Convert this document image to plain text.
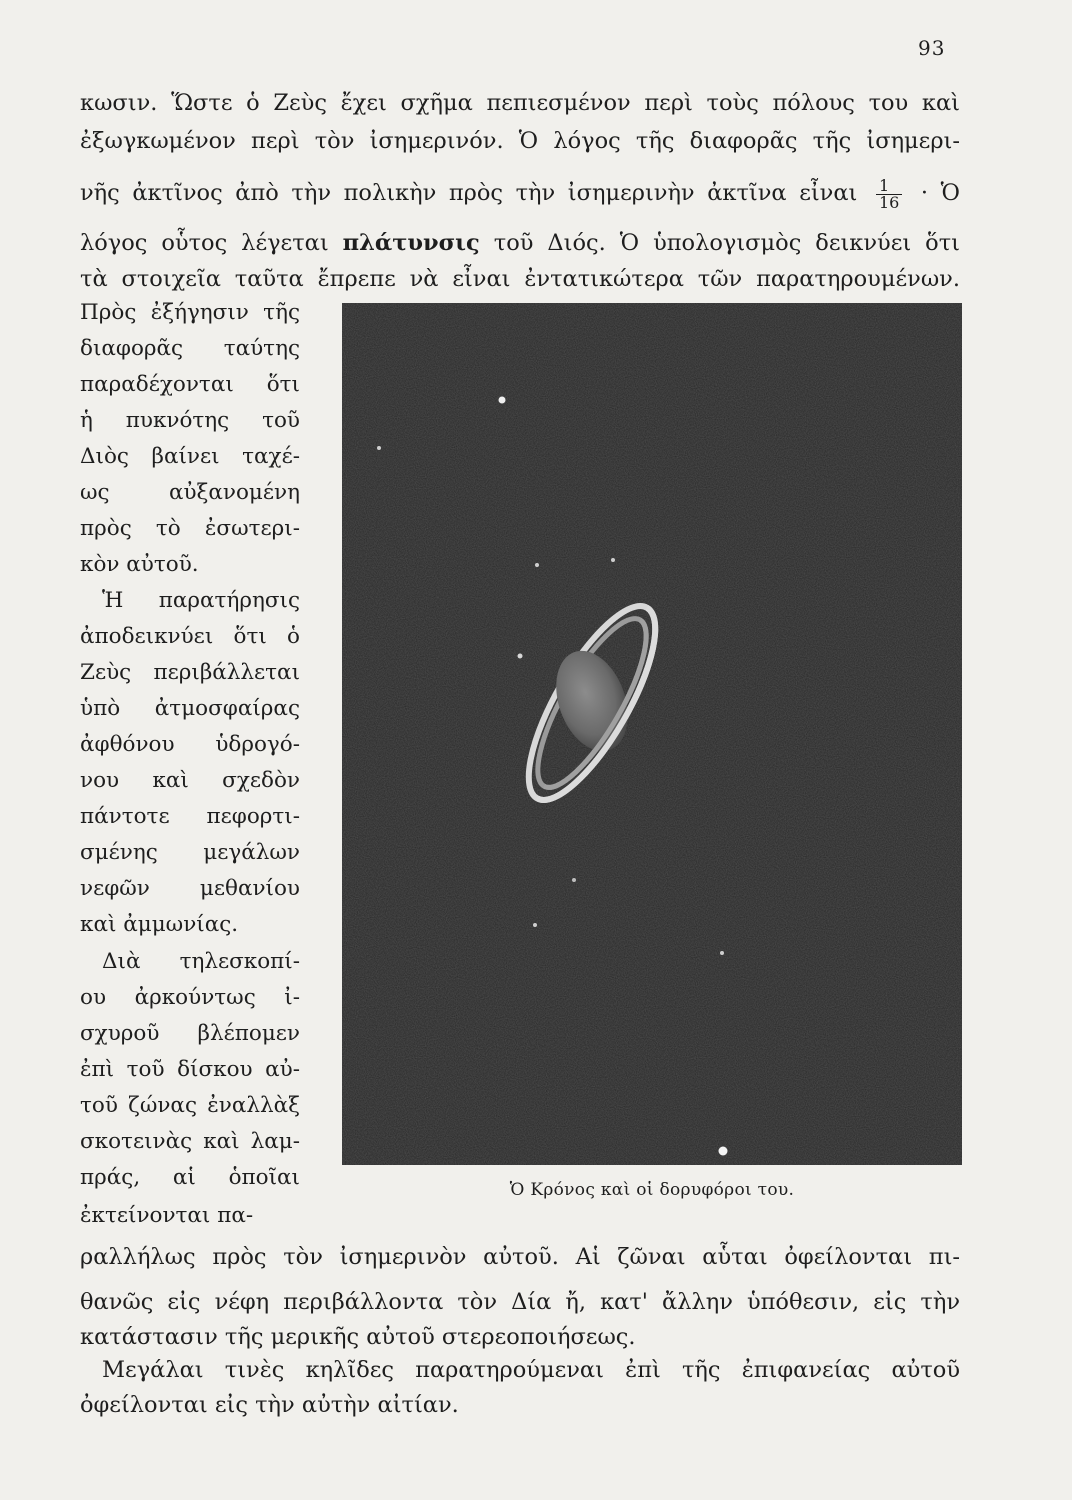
93
κωσιν. Ὥστε ὁ Ζεὺς ἔχει σχῆμα πεπιεσμένον περὶ τοὺς πόλους του καὶ
ἐξωγκωμένον περὶ τὸν ἰσημερινόν. Ὁ λόγος τῆς διαφορᾶς τῆς ἰσημερι-
νῆς ἀκτῖνος ἀπὸ τὴν πολικὴν πρὸς τὴν ἰσημερινὴν ἀκτῖνα εἶναι $\frac{1}{16}$ · Ὁ
λόγος οὗτος λέγεται πλάτυνσις τοῦ Διός. Ὁ ὑπολογισμὸς δεικνύει ὅτι
τὰ στοιχεῖα ταῦτα ἔπρεπε νὰ εἶναι ἐντατικώτερα τῶν παρατηρουμένων.
Πρὸς ἐξήγησιν τῆς
διαφορᾶς ταύτης
παραδέχονται ὅτι
ἡ πυκνότης τοῦ
Διὸς βαίνει ταχέ-
ως αὐξανομένη
πρὸς τὸ ἐσωτερι-
κὸν αὐτοῦ.
Ἡ παρατήρησις
ἀποδεικνύει ὅτι ὁ
Ζεὺς περιβάλλεται
ὑπὸ ἀτμοσφαίρας
ἀφθόνου ὑδρογό-
νου καὶ σχεδὸν
πάντοτε πεφορτι-
σμένης μεγάλων
νεφῶν μεθανίου
καὶ ἀμμωνίας.
Διὰ τηλεσκοπί-
ου ἀρκούντως ἰ-
σχυροῦ βλέπομεν
ἐπὶ τοῦ δίσκου αὐ-
τοῦ ζώνας ἐναλλὰξ
σκοτεινὰς καὶ λαμ-
πράς, αἱ ὁποῖαι
ἐκτείνονται πα-
Ὁ Κρόνος καὶ οἱ δορυφόροι του.
ραλλήλως πρὸς τὸν ἰσημερινὸν αὐτοῦ. Αἱ ζῶναι αὗται ὀφείλονται πι-
θανῶς εἰς νέφη περιβάλλοντα τὸν Δία ἤ, κατ' ἄλλην ὑπόθεσιν, εἰς τὴν
κατάστασιν τῆς μερικῆς αὐτοῦ στερεοποιήσεως.
Μεγάλαι τινὲς κηλῖδες παρατηρούμεναι ἐπὶ τῆς ἐπιφανείας αὐτοῦ
ὀφείλονται εἰς τὴν αὐτὴν αἰτίαν.
